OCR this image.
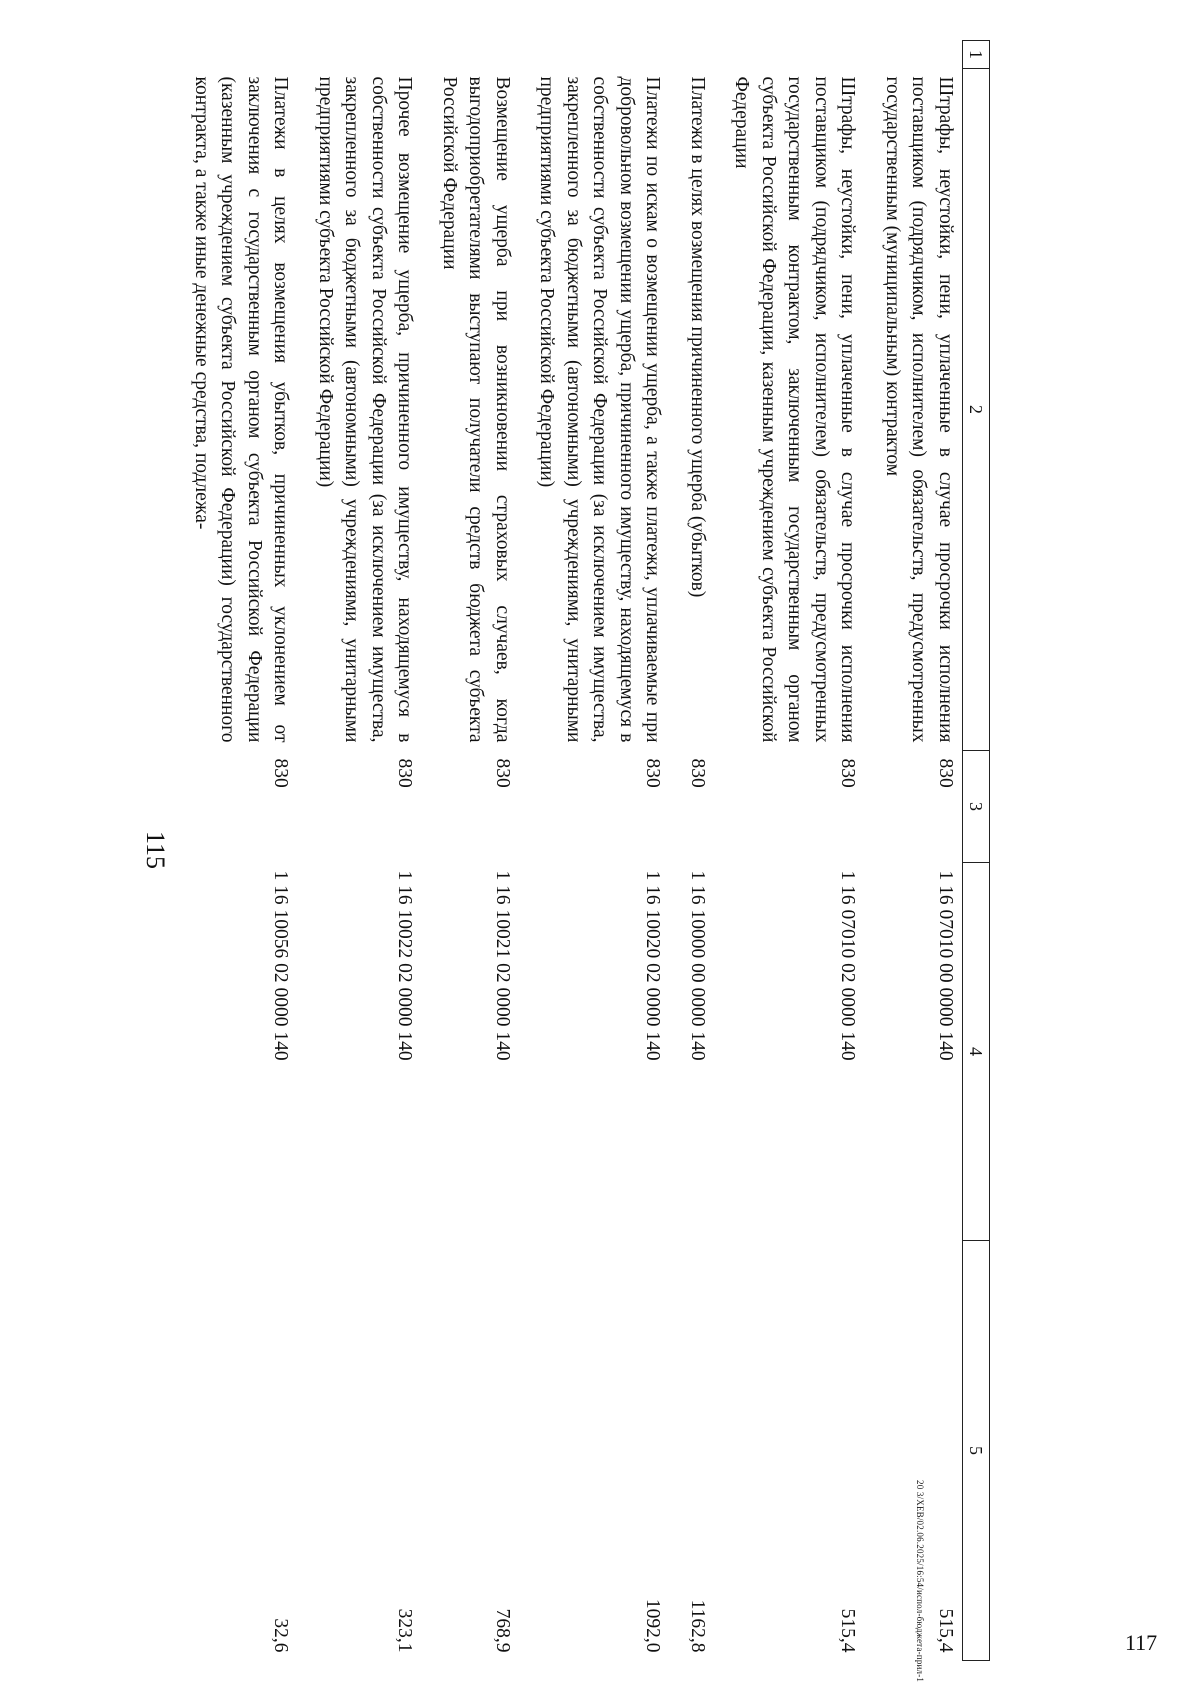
1	2	3	4	5
	Штрафы, неустойки, пени, уплаченные в случае просрочки исполнения поставщиком (подрядчиком, исполнителем) обязательств, предусмотренных государственным (муниципальным) контрактом	830	1 16 07010 00 0000 140	515,4
	Штрафы, неустойки, пени, уплаченные в случае просрочки исполнения поставщиком (подрядчиком, исполнителем) обязательств, предусмотренных государственным контрактом, заключенным государственным органом субъекта Российской Федерации, казенным учреждением субъекта Российской Федерации	830	1 16 07010 02 0000 140	515,4
	Платежи в целях возмещения причиненного ущерба (убытков)	830	1 16 10000 00 0000 140	1162,8
	Платежи по искам о возмещении ущерба, а также платежи, уплачиваемые при добровольном возмещении ущерба, причиненного имуществу, находящемуся в собственности субъекта Российской Федерации (за исключением имущества, закрепленного за бюджетными (автономными) учреждениями, унитарными предприятиями субъекта Российской Федерации)	830	1 16 10020 02 0000 140	1092,0
	Возмещение ущерба при возникновении страховых случаев, когда выгодоприобретателями выступают получатели средств бюджета субъекта Российской Федерации	830	1 16 10021 02 0000 140	768,9
	Прочее возмещение ущерба, причиненного имуществу, находящемуся в собственности субъекта Российской Федерации (за исключением имущества, закрепленного за бюджетными (автономными) учреждениями, унитарными предприятиями субъекта Российской Федерации)	830	1 16 10022 02 0000 140	323,1
	Платежи в целях возмещения убытков, причиненных уклонением от заключения с государственным органом субъекта Российской Федерации (казенным учреждением субъекта Российской Федерации) государственного контракта, а также иные денежные средства, подлежа-	830	1 16 10056 02 0000 140	32,6
115
20 3/ХЕВ/02.06.2025/16:54/испол-бюджета-прил-1	117
